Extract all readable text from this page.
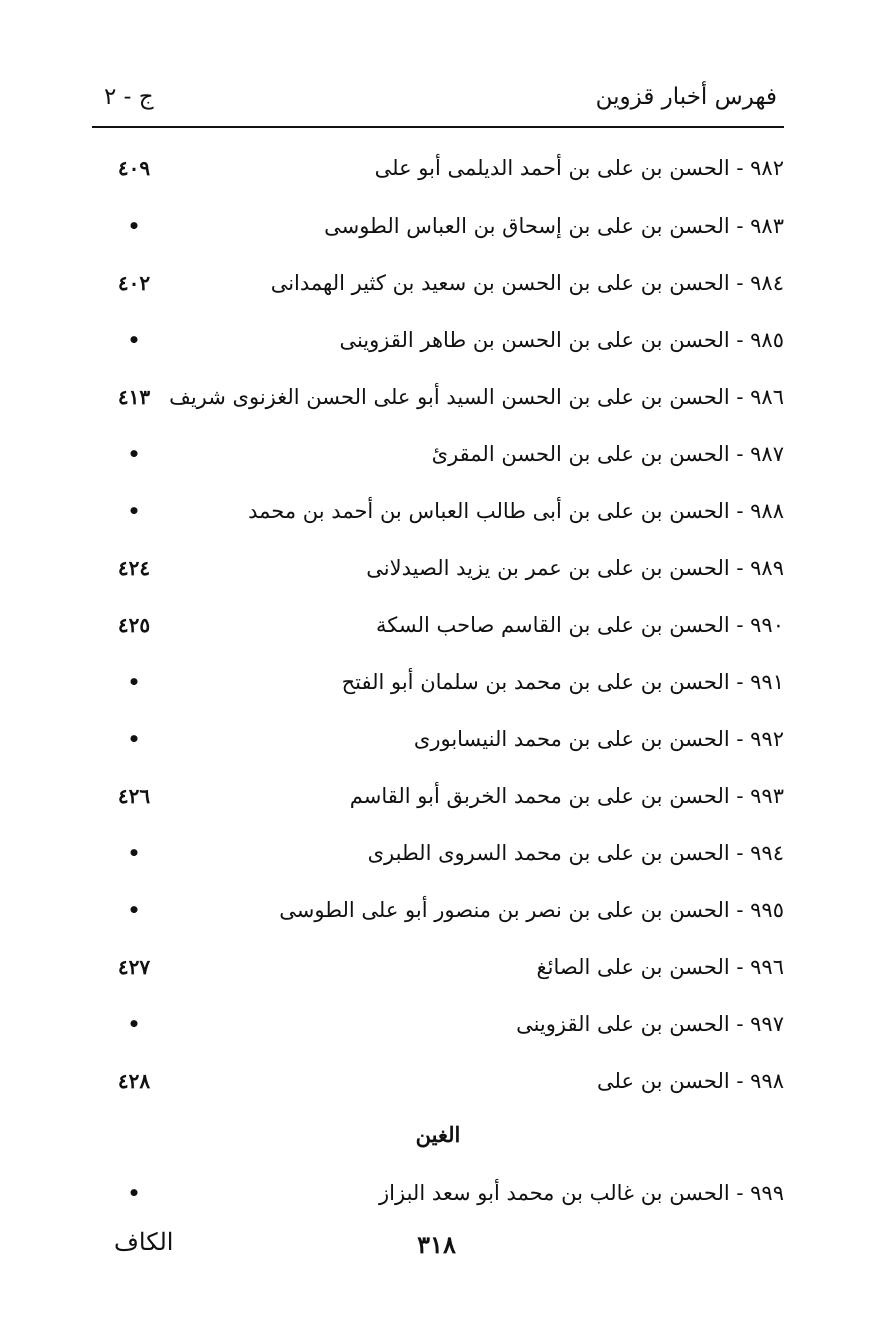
فهرس أخبار قزوين
ج - ٢
٩٨٢ - الحسن بن على بن أحمد الديلمى أبو على
٤٠٩
٩٨٣ - الحسن بن على بن إسحاق بن العباس الطوسى
•
٩٨٤ - الحسن بن على بن الحسن بن سعيد بن كثير الهمدانى
٤٠٢
٩٨٥ - الحسن بن على بن الحسن بن طاهر القزوينى
•
٩٨٦ - الحسن بن على بن الحسن السيد أبو على الحسن الغزنوى شريف
٤١٣
٩٨٧ - الحسن بن على بن الحسن المقرئ
•
٩٨٨ - الحسن بن على بن أبى طالب العباس بن أحمد بن محمد
•
٩٨٩ - الحسن بن على بن عمر بن يزيد الصيدلانى
٤٢٤
٩٩٠ - الحسن بن على بن القاسم صاحب السكة
٤٢٥
٩٩١ - الحسن بن على بن محمد بن سلمان أبو الفتح
•
٩٩٢ - الحسن بن على بن محمد النيسابورى
•
٩٩٣ - الحسن بن على بن محمد الخربق أبو القاسم
٤٢٦
٩٩٤ - الحسن بن على بن محمد السروى الطبرى
•
٩٩٥ - الحسن بن على بن نصر بن منصور أبو على الطوسى
•
٩٩٦ - الحسن بن على الصائغ
٤٢٧
٩٩٧ - الحسن بن على القزوينى
•
٩٩٨ - الحسن بن على
٤٢٨
الغين
٩٩٩ - الحسن بن غالب بن محمد أبو سعد البزاز
•
٣١٨
الكاف
